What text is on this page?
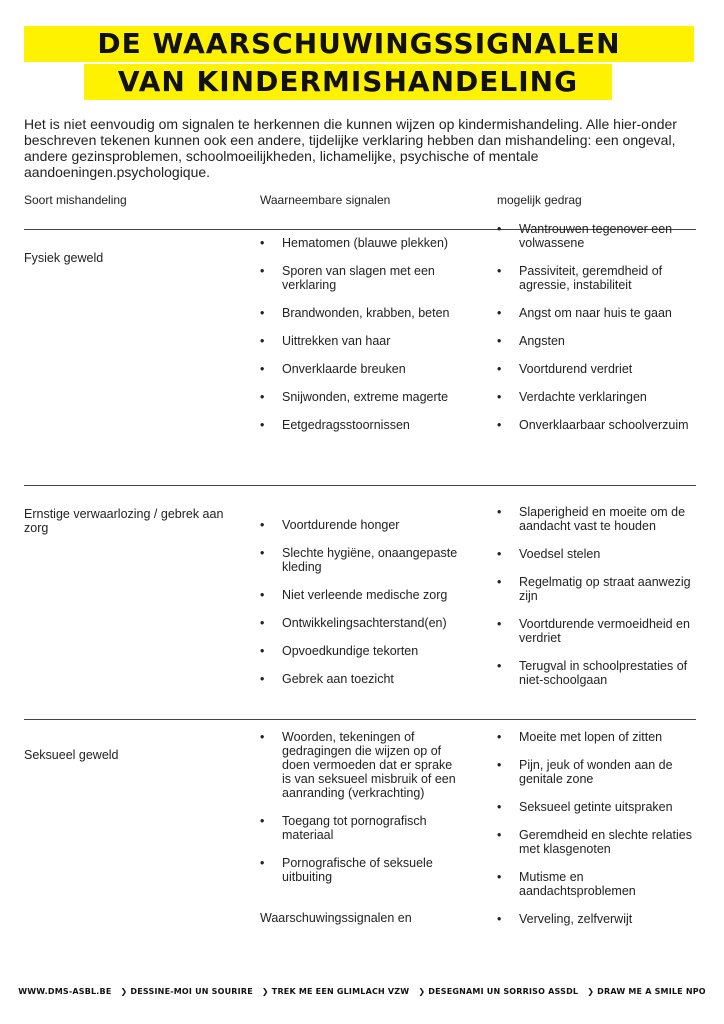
DE WAARSCHUWINGSSIGNALEN
VAN KINDERMISHANDELING

Het is niet eenvoudig om signalen te herkennen die kunnen wijzen op kindermishandeling. Alle hier-onder beschreven tekenen kunnen ook een andere, tijdelijke verklaring hebben dan mishandeling: een ongeval, andere gezinsproblemen, schoolmoeilijkheden, lichamelijke, psychische of mentale aandoeningen.psychologique.

Soort mishandeling	Waarneembare signalen	mogelijk gedrag
Fysiek geweld
• Hematomen (blauwe plekken)
• Sporen van slagen met een verklaring
• Brandwonden, krabben, beten
• Uittrekken van haar
• Onverklaarde breuken
• Snijwonden, extreme magerte
• Eetgedragsstoornissen
• Wantrouwen tegenover een volwassene
• Passiviteit, geremdheid of agressie, instabiliteit
• Angst om naar huis te gaan
• Angsten
• Voortdurend verdriet
• Verdachte verklaringen
• Onverklaarbaar schoolverzuim
Ernstige verwaarlozing / gebrek aan zorg
•	Voortdurende honger
• Slechte hygiëne, onaangepaste kleding
• Niet verleende medische zorg
• Ontwikkelingsachterstand(en)
• Opvoedkundige tekorten
• Gebrek aan toezicht
• Slaperigheid en moeite om de aandacht vast te houden
• Voedsel stelen
• Regelmatig op straat aanwezig zijn
• Voortdurende vermoeidheid en verdriet
• Terugval in schoolprestaties of niet-schoolgaan
Seksueel geweld
• Woorden, tekeningen of gedragingen die wijzen op of doen vermoeden dat er sprake is van seksueel misbruik of een aanranding (verkrachting)
• Toegang tot pornografisch materiaal
• Pornografische of seksuele uitbuiting
Waarschuwingssignalen en
• Moeite met lopen of zitten
• Pijn, jeuk of wonden aan de genitale zone
• Seksueel getinte uitspraken
• Geremdheid en slechte relaties met klasgenoten
• Mutisme en aandachtsproblemen
• Verveling, zelfverwijt
WWW.DMS-ASBL.BE ❯ DESSINE-MOI UN SOURIRE ❯ TREK ME EEN GLIMLACH VZW ❯ DESEGNAMI UN SORRISO ASSDL ❯ DRAW ME A SMILE NPO
